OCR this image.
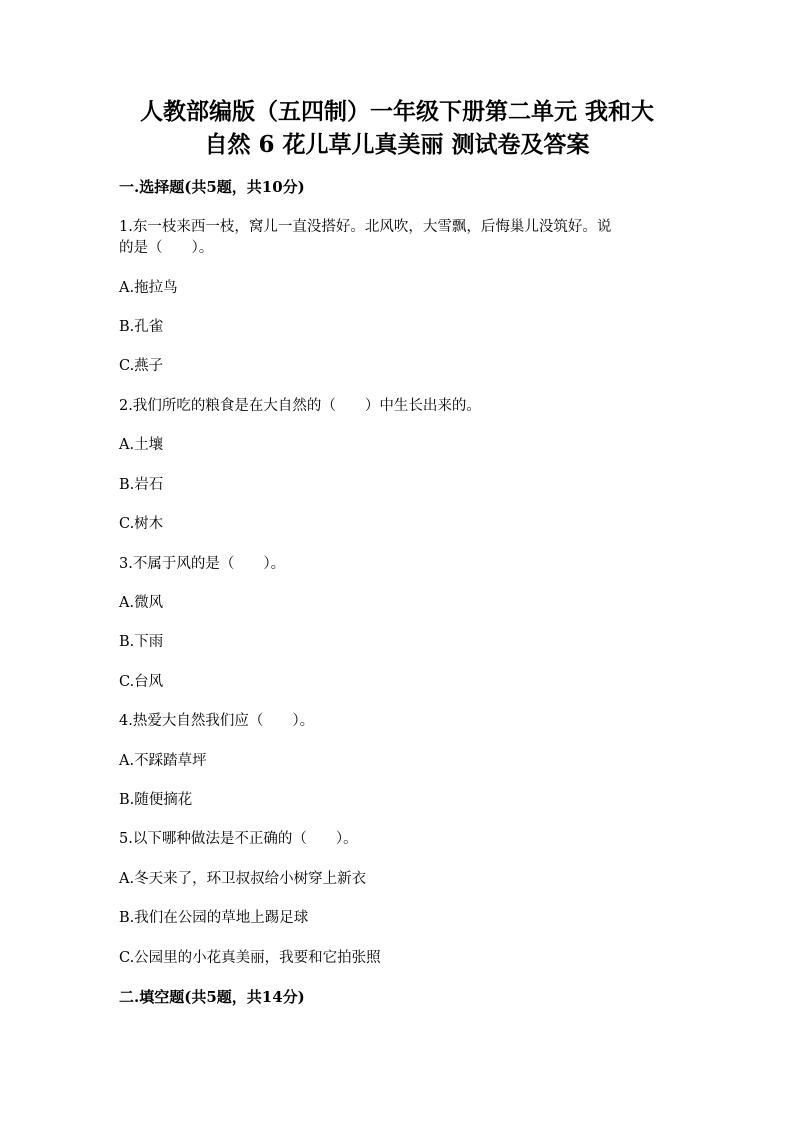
人教部编版（五四制）一年级下册第二单元 我和大
自然 6 花儿草儿真美丽 测试卷及答案
一.选择题(共5题，共10分)
1.东一枝来西一枝，窝儿一直没搭好。北风吹，大雪飘，后悔巢儿没筑好。说
的是（　　）。
A.拖拉鸟
B.孔雀
C.燕子
2.我们所吃的粮食是在大自然的（　　）中生长出来的。
A.土壤
B.岩石
C.树木
3.不属于风的是（　　）。
A.微风
B.下雨
C.台风
4.热爱大自然我们应（　　）。
A.不踩踏草坪
B.随便摘花
5.以下哪种做法是不正确的（　　）。
A.冬天来了，环卫叔叔给小树穿上新衣
B.我们在公园的草地上踢足球
C.公园里的小花真美丽，我要和它拍张照
二.填空题(共5题，共14分)
